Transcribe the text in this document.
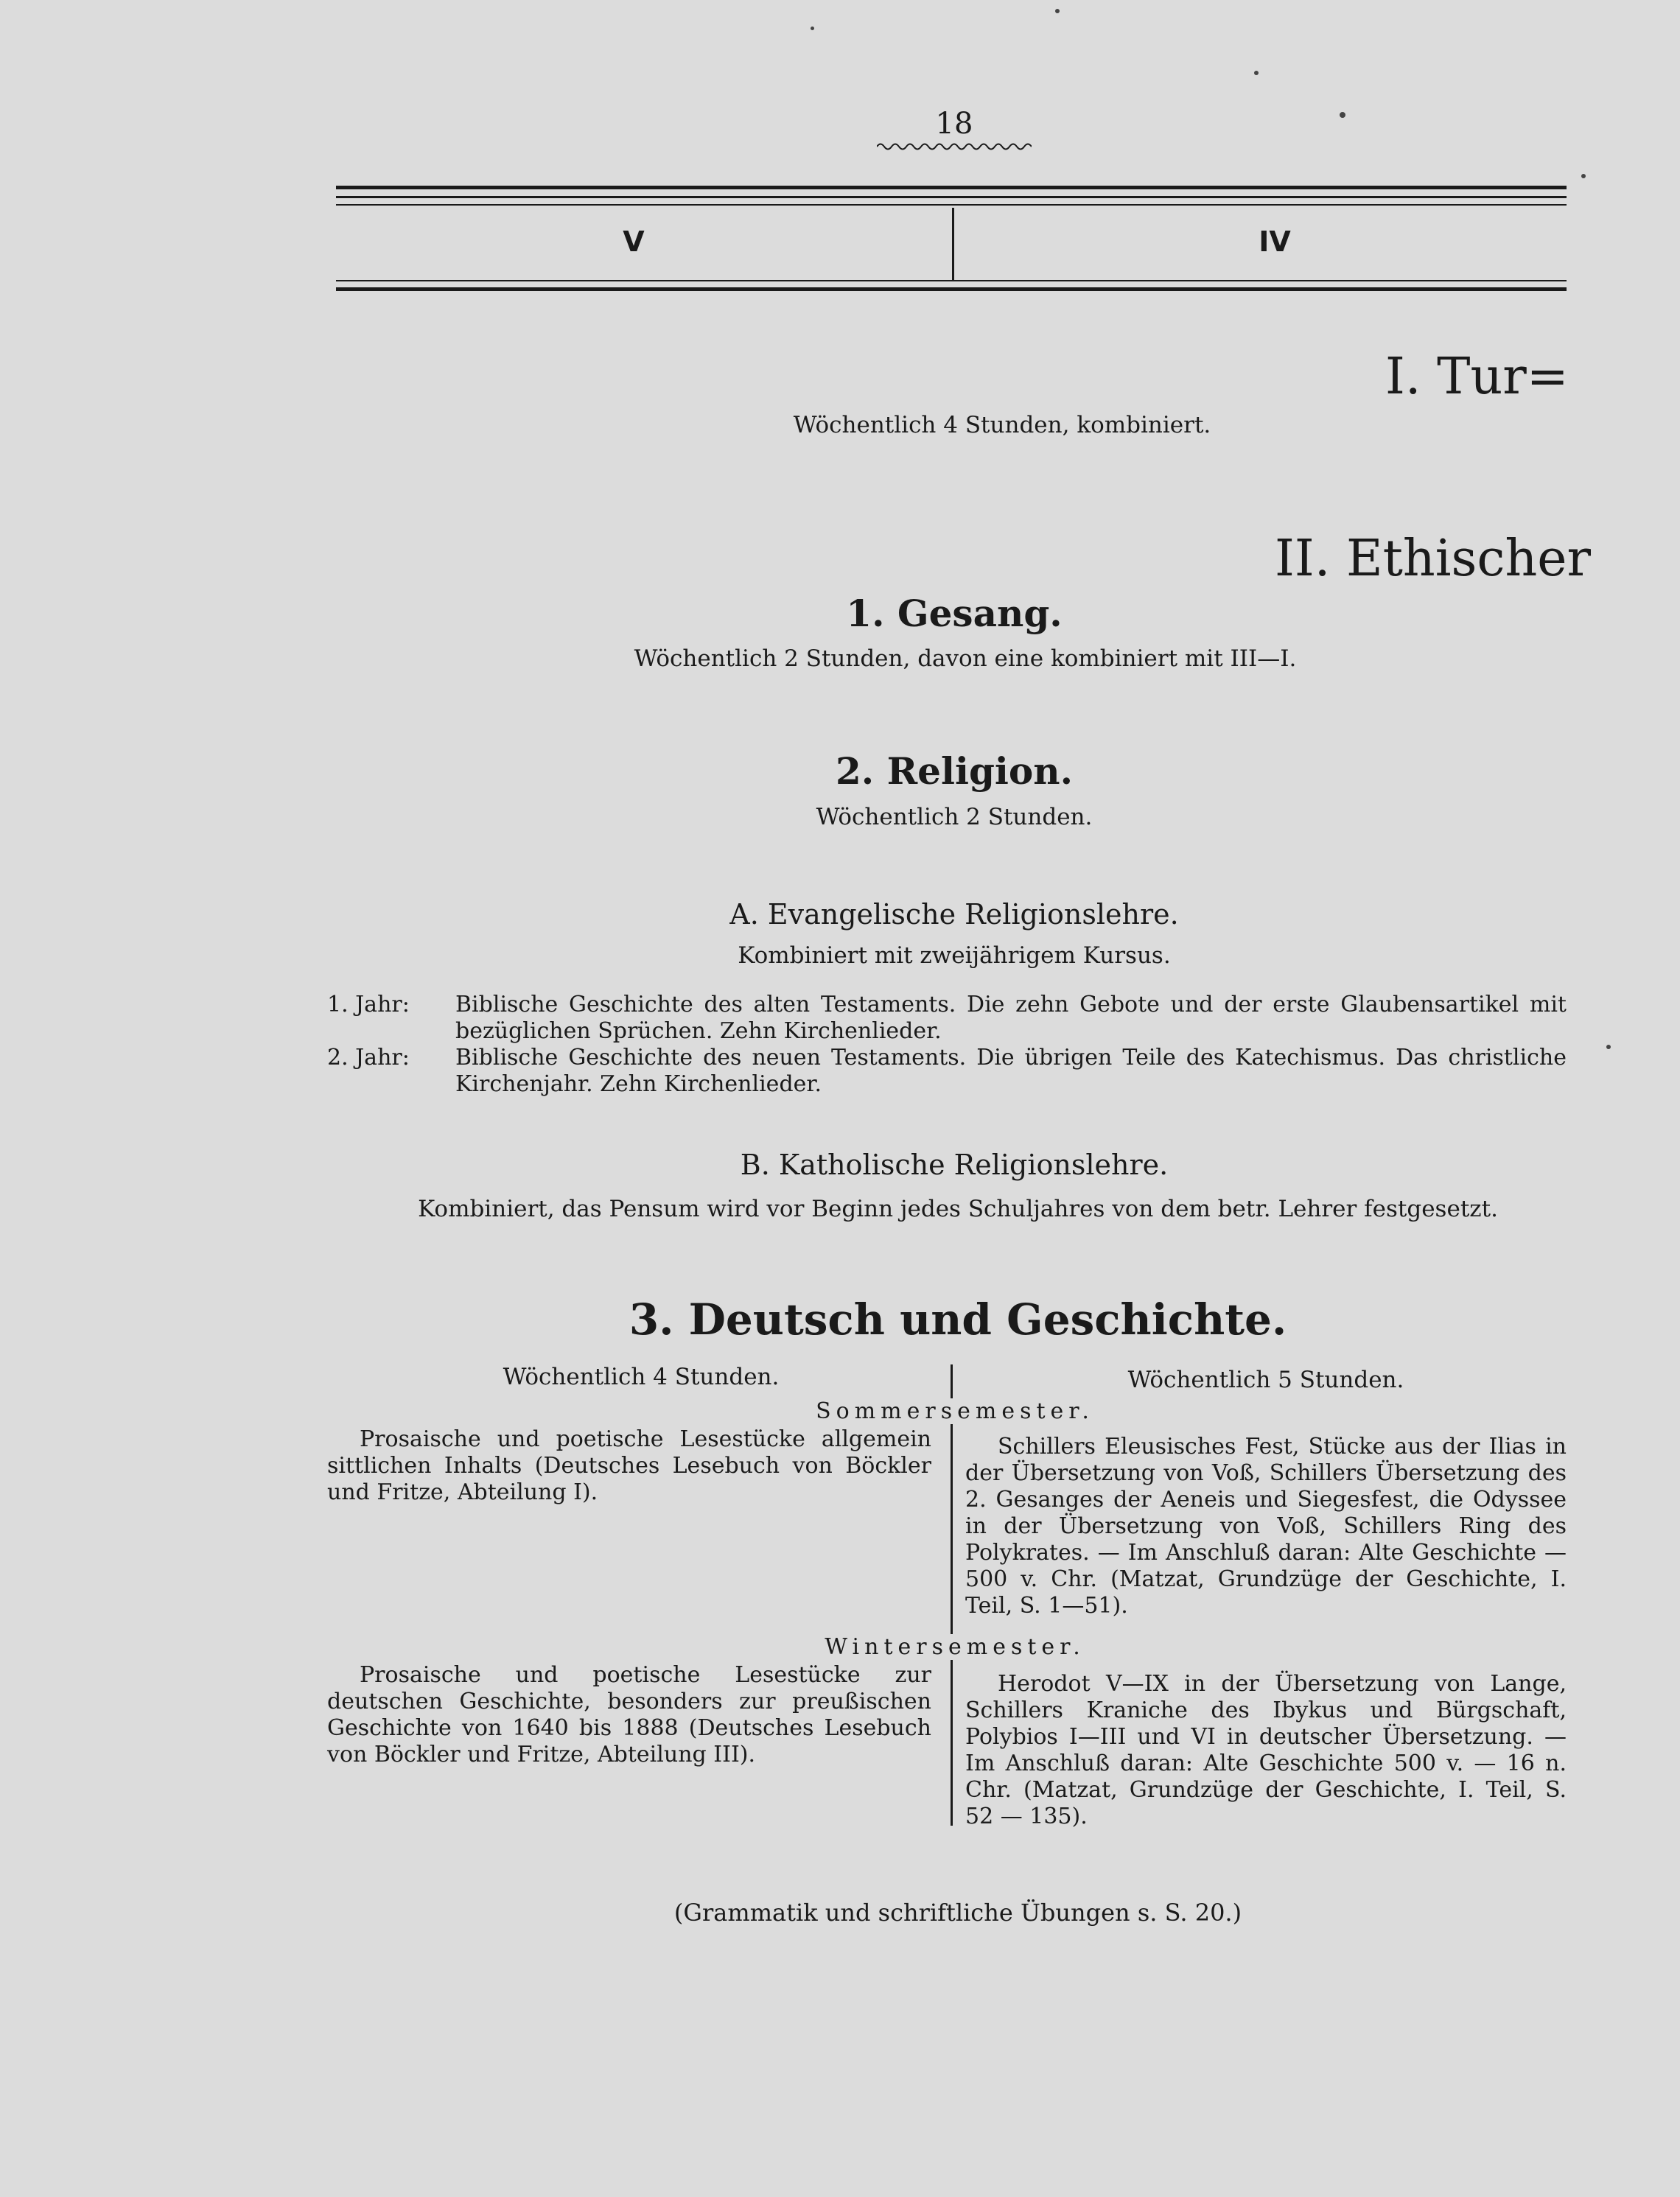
18
V	IV
I. Tur=
Wöchentlich 4 Stunden, kombiniert.
II. Ethischer
1. Gesang.
Wöchentlich 2 Stunden, davon eine kombiniert mit III—I.
2. Religion.
Wöchentlich 2 Stunden.
A. Evangelische Religionslehre.
Kombiniert mit zweijährigem Kursus.
1. Jahr: Biblische Geschichte des alten Testaments. Die zehn Gebote und der erste Glaubensartikel mit bezüglichen Sprüchen. Zehn Kirchenlieder.
2. Jahr: Biblische Geschichte des neuen Testaments. Die übrigen Teile des Katechismus. Das christliche Kirchenjahr. Zehn Kirchenlieder.
B. Katholische Religionslehre.
Kombiniert, das Pensum wird vor Beginn jedes Schuljahres von dem betr. Lehrer festgesetzt.
3. Deutsch und Geschichte.
Wöchentlich 4 Stunden.	Wöchentlich 5 Stunden.
Sommersemester.
Prosaische und poetische Lesestücke allgemein sittlichen Inhalts (Deutsches Lesebuch von Böckler und Fritze, Abteilung I).
Schillers Eleusisches Fest, Stücke aus der Ilias in der Übersetzung von Voß, Schillers Übersetzung des 2. Gesanges der Aeneis und Siegesfest, die Odyssee in der Übersetzung von Voß, Schillers Ring des Polykrates. — Im Anschluß daran: Alte Geschichte — 500 v. Chr. (Matzat, Grundzüge der Geschichte, I. Teil, S. 1—51).
Wintersemester.
Prosaische und poetische Lesestücke zur deutschen Geschichte, besonders zur preußischen Geschichte von 1640 bis 1888 (Deutsches Lesebuch von Böckler und Fritze, Abteilung III).
Herodot V—IX in der Übersetzung von Lange, Schillers Kraniche des Ibykus und Bürgschaft, Polybios I—III und VI in deutscher Übersetzung. — Im Anschluß daran: Alte Geschichte 500 v. — 16 n. Chr. (Matzat, Grundzüge der Geschichte, I. Teil, S. 52 — 135).
(Grammatik und schriftliche Übungen s. S. 20.)
